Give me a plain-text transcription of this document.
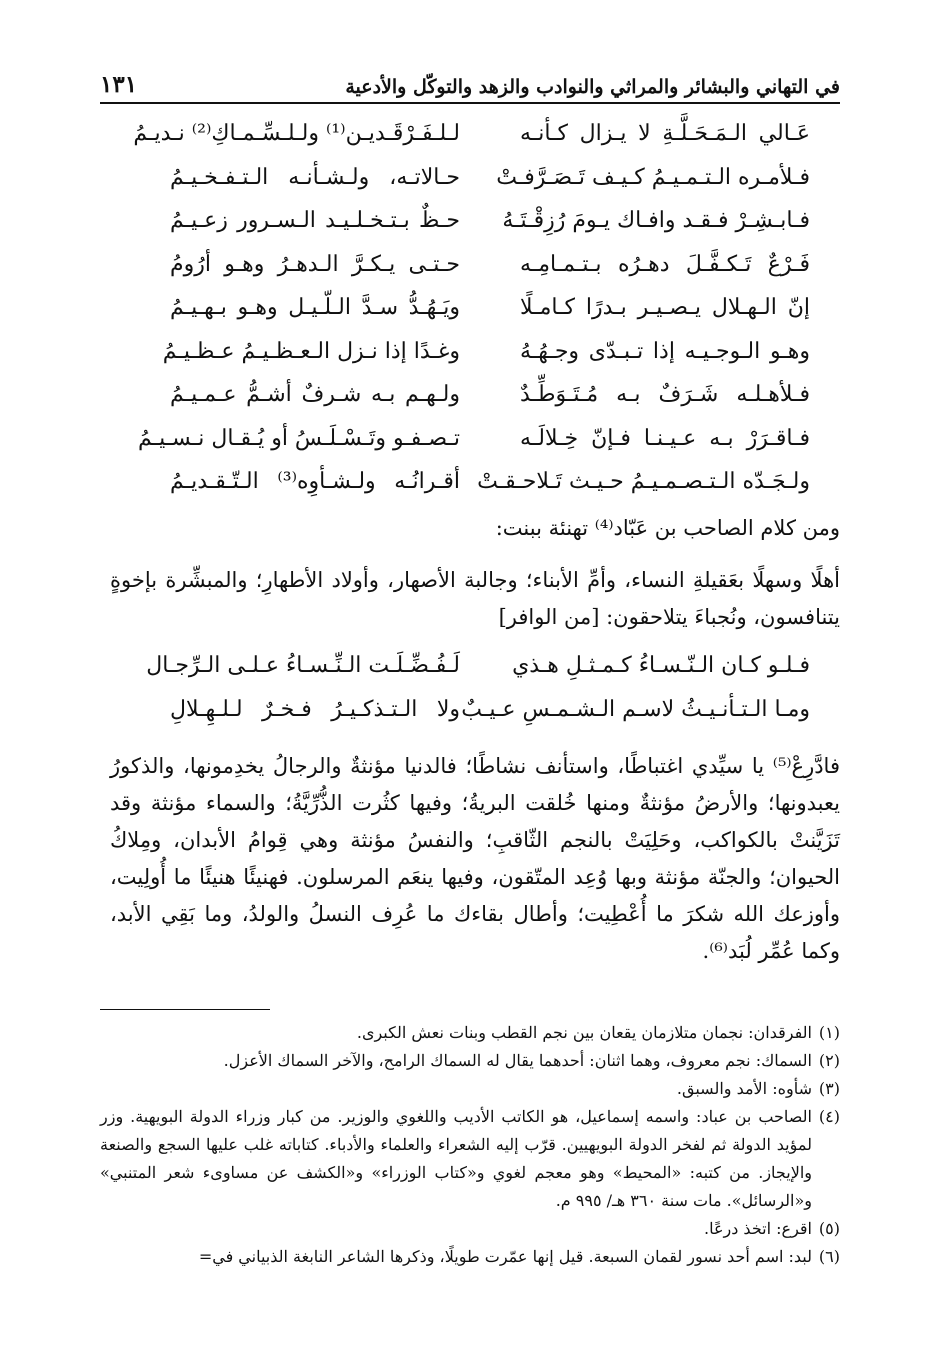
في التهاني والبشائر والمراثي والنوادب والزهد والتوكّل والأدعية
١٣١
عَـالي الـمَـحَـلَّـةِ لا يـزال كـأنـه
لـلـفَـرْقَـديـن⁽¹⁾ ولـلـسِّـمـاكِ⁽²⁾ نـديـمُ
فـلأمـره الـتـمـيـمُ كـيـف تَـصَـرَّفـتْ
حـالاتـه، ولـشـأنـه الـتـفـخـيـمُ
فـابـشِـرْ فـقـد وافـاك يـومَ رُزِقْـتَـهُ
حـظٌ بـتـخـلـيـد الـسـرور زعـيـمُ
فَـرْعٌ تَـكـفَّـلَ دهـرُه بـتـمـامِـه
حـتـى يـكـرَّ الـدهـرُ وهـو أرُومُ
إنّ الـهـلال يـصـيـر بـدرًا كـامـلًا
ويَـهُـدُّ سـدَّ الـلّـيـل وهـو بـهـيـمُ
وهـو الـوجـيـه إذا تـبـدّى وجـهُـهُ
وغـدًا إذا نـزل الـعـظـيـمُ عـظـيـمُ
فـلأهـلـه شَـرَفٌ بـه مُـتَـوَطِّـدٌ
ولـهـم بـه شـرفٌ أشـمُّ عـمـيـمُ
فـاقـرَرْ بـه عـيـنـا فـإنّ خِـلالَـه
تـصـفـو وتَـسْـلَـسُ أو يُـقـال نـسـيـمُ
ولـجَـدّه الـتـصـمـيـمُ حـيـث تَـلاحـقـتْ
أقـرانُـه ولـشـأوِه⁽³⁾ الـتّـقـديـمُ
ومن كلام الصاحب بن عَبّاد⁽⁴⁾ تهنئة ببنت:
أهلًا وسهلًا بعَقيلةِ النساء، وأمِّ الأبناء؛ وجالبة الأصهار، وأولاد الأطهارِ؛ والمبشِّرة بإخوةٍ يتنافسون، ونُجباءَ يتلاحقون: [من الوافر]
فـلـو كـان الـنّـسـاءُ كـمـثـلِ هـذي
لَـفُـضِّـلَـت الـنِّـسـاءُ عـلـى الـرِّجـال
ومـا الـتـأنـيـثُ لاسـم الـشـمـسِ عـيـبٌ
ولا الـتـذكـيـرُ فـخـرٌ لـلـهِـلالِ
فادَّرِعْ⁽⁵⁾ يا سيِّدي اغتباطًا، واستأنف نشاطًا؛ فالدنيا مؤنثةٌ والرجالُ يخدِمونها، والذكورُ يعبدونها؛ والأرضُ مؤنثةٌ ومنها خُلقت البريةُ؛ وفيها كثُرت الذُّرِّيَّةُ؛ والسماء مؤنثة وقد تَزَيَّنتْ بالكواكب، وحَلِيَتْ بالنجم الثّاقبِ؛ والنفسُ مؤنثة وهي قِوامُ الأبدان، ومِلاكُ الحيوان؛ والجنّة مؤنثة وبها وُعِد المتّقون، وفيها ينعَم المرسلون. فهنيئًا هنيئًا ما أُولِيت، وأوزعك الله شكرَ ما أُعْطِيت؛ وأطال بقاءك ما عُرِف النسلُ والولدُ، وما بَقِي الأبد، وكما عُمِّر لُبَد⁽⁶⁾.
(١)
الفرقدان: نجمان متلازمان يقعان بين نجم القطب وبنات نعش الكبرى.
(٢)
السماك: نجم معروف، وهما اثنان: أحدهما يقال له السماك الرامح، والآخر السماك الأعزل.
(٣)
شأوه: الأمد والسبق.
(٤)
الصاحب بن عباد: واسمه إسماعيل، هو الكاتب الأديب واللغوي والوزير. من كبار وزراء الدولة البويهية. وزر لمؤيد الدولة ثم لفخر الدولة البويهيين. قرّب إليه الشعراء والعلماء والأدباء. كتاباته غلب عليها السجع والصنعة والإيجاز. من كتبه: «المحيط» وهو معجم لغوي و«كتاب الوزراء» و«الكشف عن مساوىء شعر المتنبي» و«الرسائل». مات سنة ٣٦٠ هـ/ ٩٩٥ م.
(٥)
اقرع: اتخذ درعًا.
(٦)
لبد: اسم أحد نسور لقمان السبعة. قيل إنها عمّرت طويلًا، وذكرها الشاعر النابغة الذبياني في=
